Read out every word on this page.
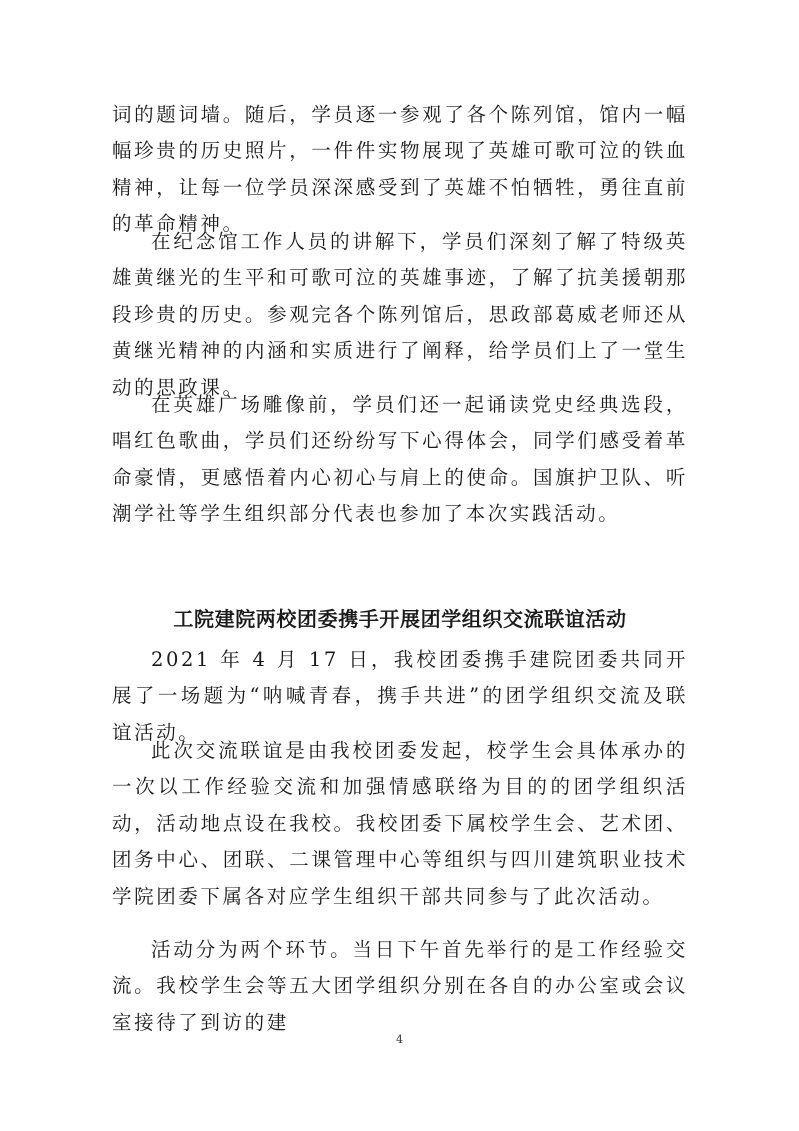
词的题词墙。随后，学员逐一参观了各个陈列馆，馆内一幅幅珍贵的历史照片，一件件实物展现了英雄可歌可泣的铁血精神，让每一位学员深深感受到了英雄不怕牺牲，勇往直前的革命精神。

在纪念馆工作人员的讲解下，学员们深刻了解了特级英雄黄继光的生平和可歌可泣的英雄事迹，了解了抗美援朝那段珍贵的历史。参观完各个陈列馆后，思政部葛威老师还从黄继光精神的内涵和实质进行了阐释，给学员们上了一堂生动的思政课。

在英雄广场雕像前，学员们还一起诵读党史经典选段，唱红色歌曲，学员们还纷纷写下心得体会，同学们感受着革命豪情，更感悟着内心初心与肩上的使命。国旗护卫队、听潮学社等学生组织部分代表也参加了本次实践活动。

工院建院两校团委携手开展团学组织交流联谊活动

2021 年 4 月 17 日，我校团委携手建院团委共同开展了一场题为“呐喊青春，携手共进”的团学组织交流及联谊活动。

此次交流联谊是由我校团委发起，校学生会具体承办的一次以工作经验交流和加强情感联络为目的的团学组织活动，活动地点设在我校。我校团委下属校学生会、艺术团、团务中心、团联、二课管理中心等组织与四川建筑职业技术学院团委下属各对应学生组织干部共同参与了此次活动。

活动分为两个环节。当日下午首先举行的是工作经验交流。我校学生会等五大团学组织分别在各自的办公室或会议室接待了到访的建

4
